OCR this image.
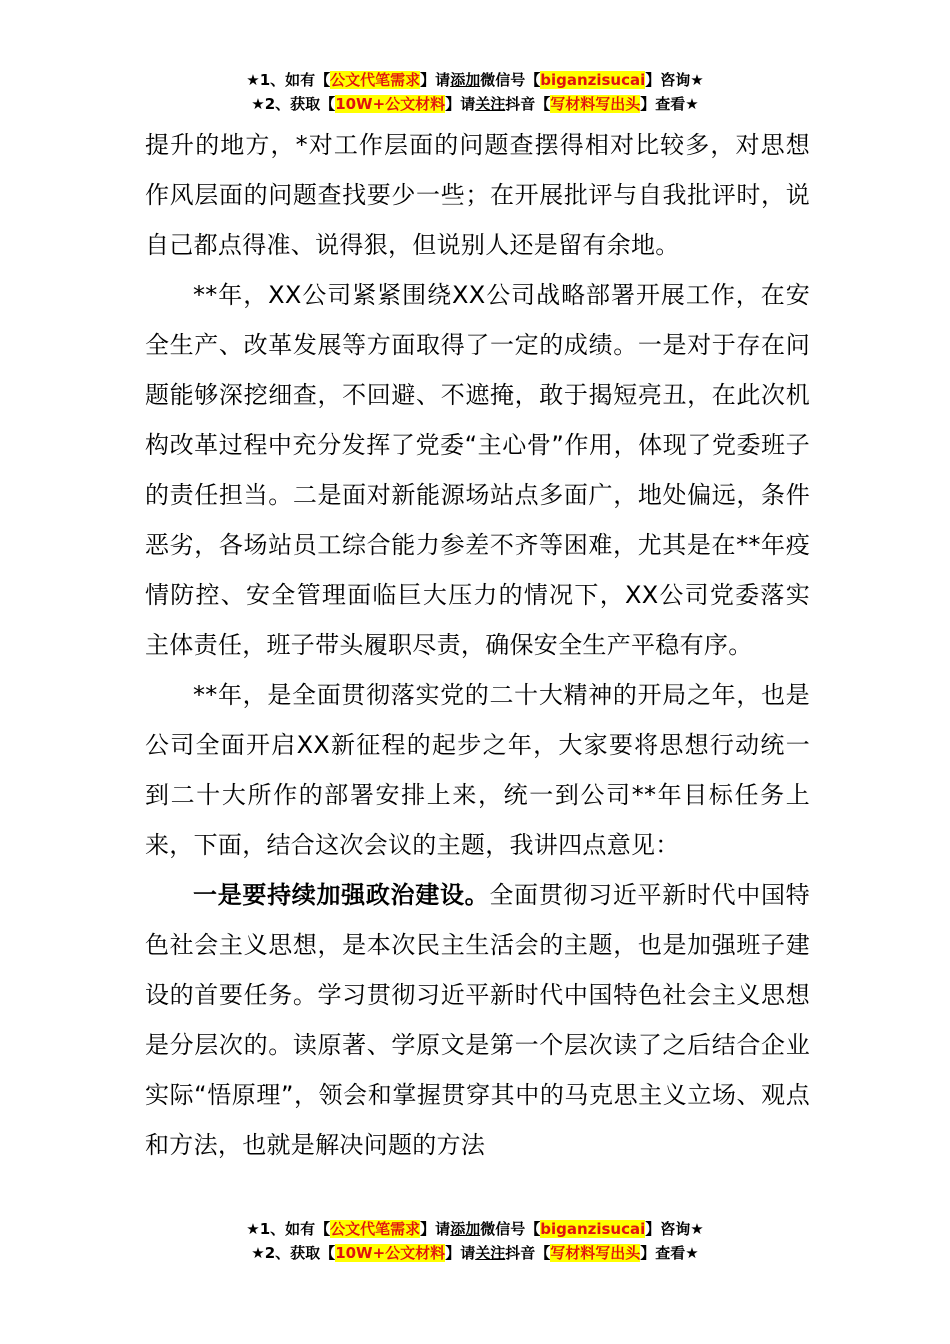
★1、如有【公文代笔需求】请添加微信号【biganzisucai】咨询★
★2、获取【10W+公文材料】请关注抖音【写材料写出头】查看★

提升的地方，*对工作层面的问题查摆得相对比较多，对思想作风层面的问题查找要少一些；在开展批评与自我批评时，说自己都点得准、说得狠，但说别人还是留有余地。

**年，XX公司紧紧围绕XX公司战略部署开展工作，在安全生产、改革发展等方面取得了一定的成绩。一是对于存在问题能够深挖细查，不回避、不遮掩，敢于揭短亮丑，在此次机构改革过程中充分发挥了党委“主心骨”作用，体现了党委班子的责任担当。二是面对新能源场站点多面广，地处偏远，条件恶劣，各场站员工综合能力参差不齐等困难，尤其是在**年疫情防控、安全管理面临巨大压力的情况下，XX公司党委落实主体责任，班子带头履职尽责，确保安全生产平稳有序。

**年，是全面贯彻落实党的二十大精神的开局之年，也是公司全面开启XX新征程的起步之年，大家要将思想行动统一到二十大所作的部署安排上来，统一到公司**年目标任务上来，下面，结合这次会议的主题，我讲四点意见：

一是要持续加强政治建设。全面贯彻习近平新时代中国特色社会主义思想，是本次民主生活会的主题，也是加强班子建设的首要任务。学习贯彻习近平新时代中国特色社会主义思想是分层次的。读原著、学原文是第一个层次读了之后结合企业实际“悟原理”，领会和掌握贯穿其中的马克思主义立场、观点和方法，也就是解决问题的方法

★1、如有【公文代笔需求】请添加微信号【biganzisucai】咨询★
★2、获取【10W+公文材料】请关注抖音【写材料写出头】查看★
